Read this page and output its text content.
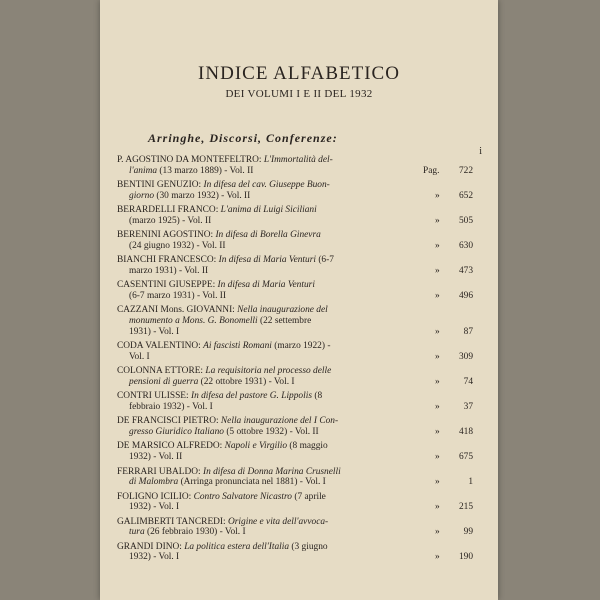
INDICE ALFABETICO
DEI VOLUMI I E II DEL 1932
Arringhe, Discorsi, Conferenze:
i
P. AGOSTINO DA MONTEFELTRO: L'Immortalità del-
l'anima (13 marzo 1889) - Vol. II	Pag. 722
BENTINI GENUZIO: In difesa del cav. Giuseppe Buon-
giorno (30 marzo 1932) - Vol. II	» 652
BERARDELLI FRANCO: L'anima di Luigi Siciliani
(marzo 1925) - Vol. II	» 505
BERENINI AGOSTINO: In difesa di Borella Ginevra
(24 giugno 1932) - Vol. II	» 630
BIANCHI FRANCESCO: In difesa di Maria Venturi (6-7
marzo 1931) - Vol. II	» 473
CASENTINI GIUSEPPE: In difesa di Maria Venturi
(6-7 marzo 1931) - Vol. II	» 496
CAZZANI Mons. GIOVANNI: Nella inaugurazione del
monumento a Mons. G. Bonomelli (22 settembre
1931) - Vol. I	»	87
CODA VALENTINO: Ai fascisti Romani (marzo 1922) -
Vol. I	» 309
COLONNA ETTORE: La requisitoria nel processo delle
pensioni di guerra (22 ottobre 1931) - Vol. I	»	74
CONTRI ULISSE: In difesa del pastore G. Lippolis (8
febbraio 1932) - Vol. I	»	37
DE FRANCISCI PIETRO: Nella inaugurazione del I Con-
gresso Giuridico Italiano (5 ottobre 1932) - Vol. II	» 418
DE MARSICO ALFREDO: Napoli e Virgilio (8 maggio
1932) - Vol. II	» 675
FERRARI UBALDO: In difesa di Donna Marina Crusnelli
di Malombra (Arringa pronunciata nel 1881) - Vol. I	»	1
FOLIGNO ICILIO: Contro Salvatore Nicastro (7 aprile
1932) - Vol. I	» 215
GALIMBERTI TANCREDI: Origine e vita dell'avvoca-
tura (26 febbraio 1930) - Vol. I	»	99
GRANDI DINO: La politica estera dell'Italia (3 giugno
1932) - Vol. I	» 190
